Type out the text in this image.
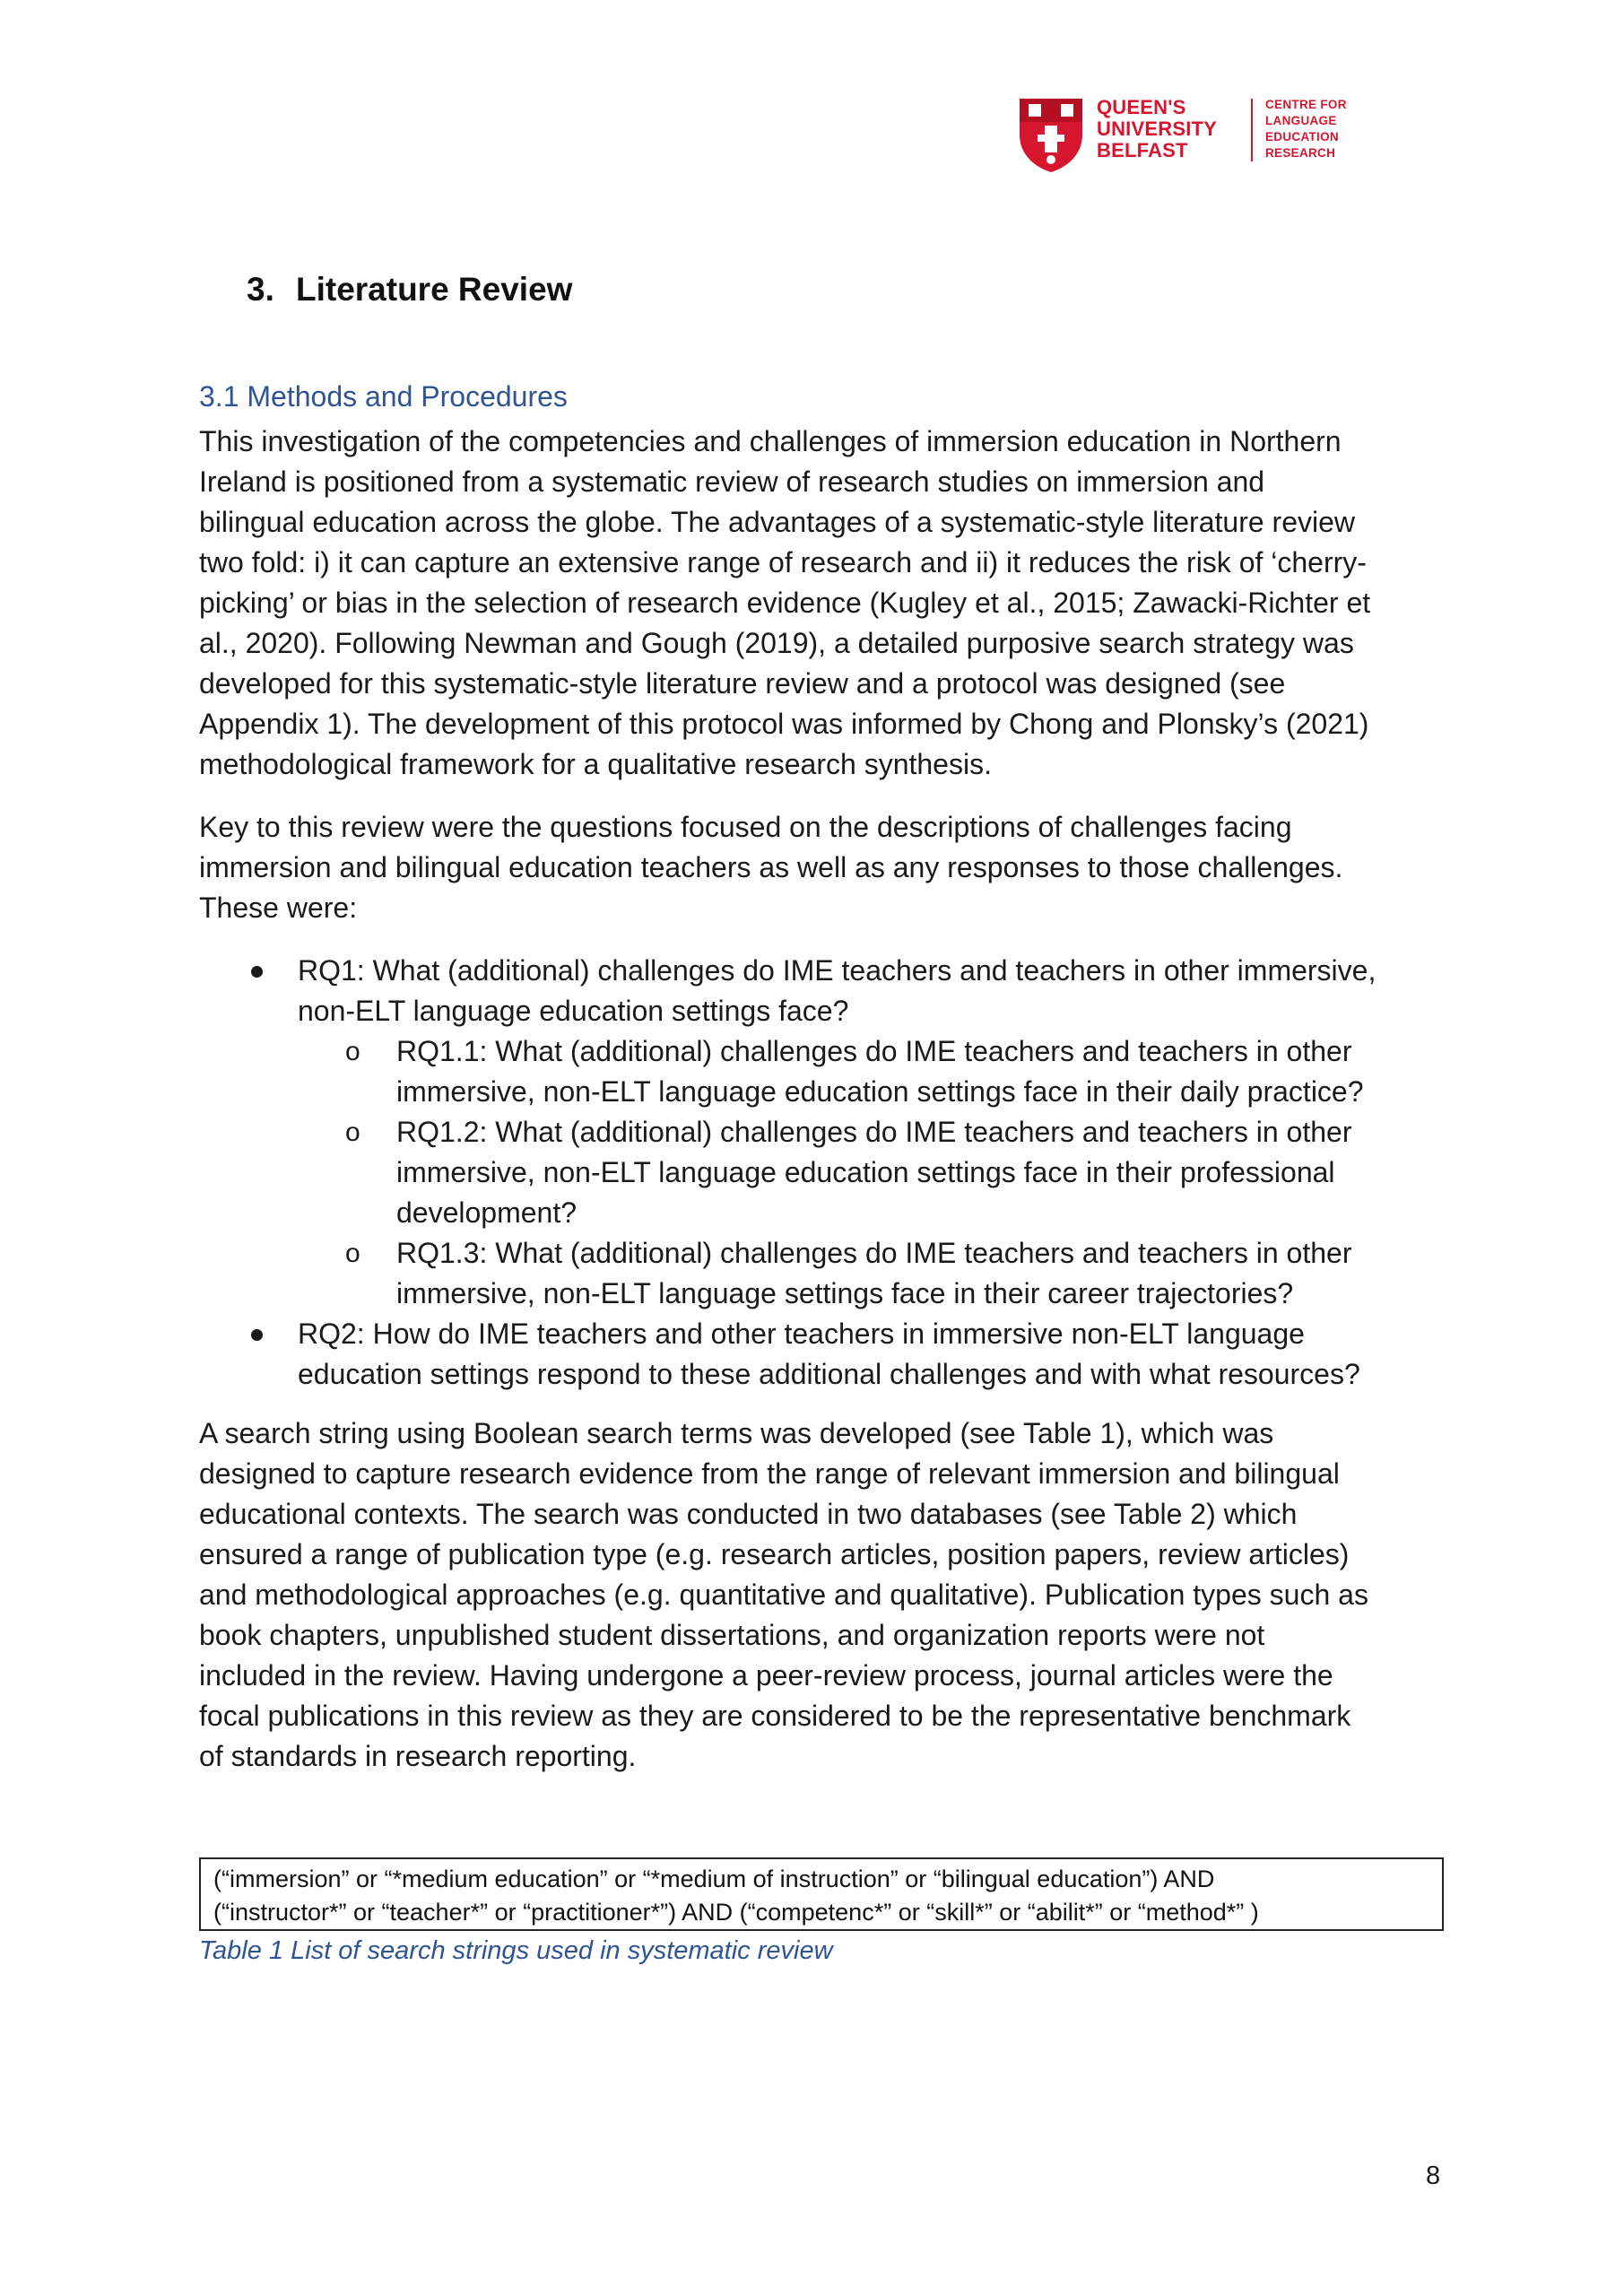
QUEEN'S
UNIVERSITY
BELFAST
CENTRE FOR
LANGUAGE
EDUCATION
RESEARCH
3. Literature Review
3.1 Methods and Procedures
This investigation of the competencies and challenges of immersion education in Northern
Ireland is positioned from a systematic review of research studies on immersion and
bilingual education across the globe. The advantages of a systematic-style literature review
two fold: i) it can capture an extensive range of research and ii) it reduces the risk of ‘cherry-
picking’ or bias in the selection of research evidence (Kugley et al., 2015; Zawacki-Richter et
al., 2020). Following Newman and Gough (2019), a detailed purposive search strategy was
developed for this systematic-style literature review and a protocol was designed (see
Appendix 1). The development of this protocol was informed by Chong and Plonsky’s (2021)
methodological framework for a qualitative research synthesis.
Key to this review were the questions focused on the descriptions of challenges facing
immersion and bilingual education teachers as well as any responses to those challenges.
These were:
RQ1: What (additional) challenges do IME teachers and teachers in other immersive,
non-ELT language education settings face?
o RQ1.1: What (additional) challenges do IME teachers and teachers in other
immersive, non-ELT language education settings face in their daily practice?
o RQ1.2: What (additional) challenges do IME teachers and teachers in other
immersive, non-ELT language education settings face in their professional
development?
o RQ1.3: What (additional) challenges do IME teachers and teachers in other
immersive, non-ELT language settings face in their career trajectories?
RQ2: How do IME teachers and other teachers in immersive non-ELT language
education settings respond to these additional challenges and with what resources?
A search string using Boolean search terms was developed (see Table 1), which was
designed to capture research evidence from the range of relevant immersion and bilingual
educational contexts. The search was conducted in two databases (see Table 2) which
ensured a range of publication type (e.g. research articles, position papers, review articles)
and methodological approaches (e.g. quantitative and qualitative). Publication types such as
book chapters, unpublished student dissertations, and organization reports were not
included in the review. Having undergone a peer-review process, journal articles were the
focal publications in this review as they are considered to be the representative benchmark
of standards in research reporting.
(“immersion” or “*medium education” or “*medium of instruction” or “bilingual education”) AND
(“instructor*” or “teacher*” or “practitioner*”) AND (“competenc*” or “skill*” or “abilit*” or “method*” )
Table 1 List of search strings used in systematic review
8
